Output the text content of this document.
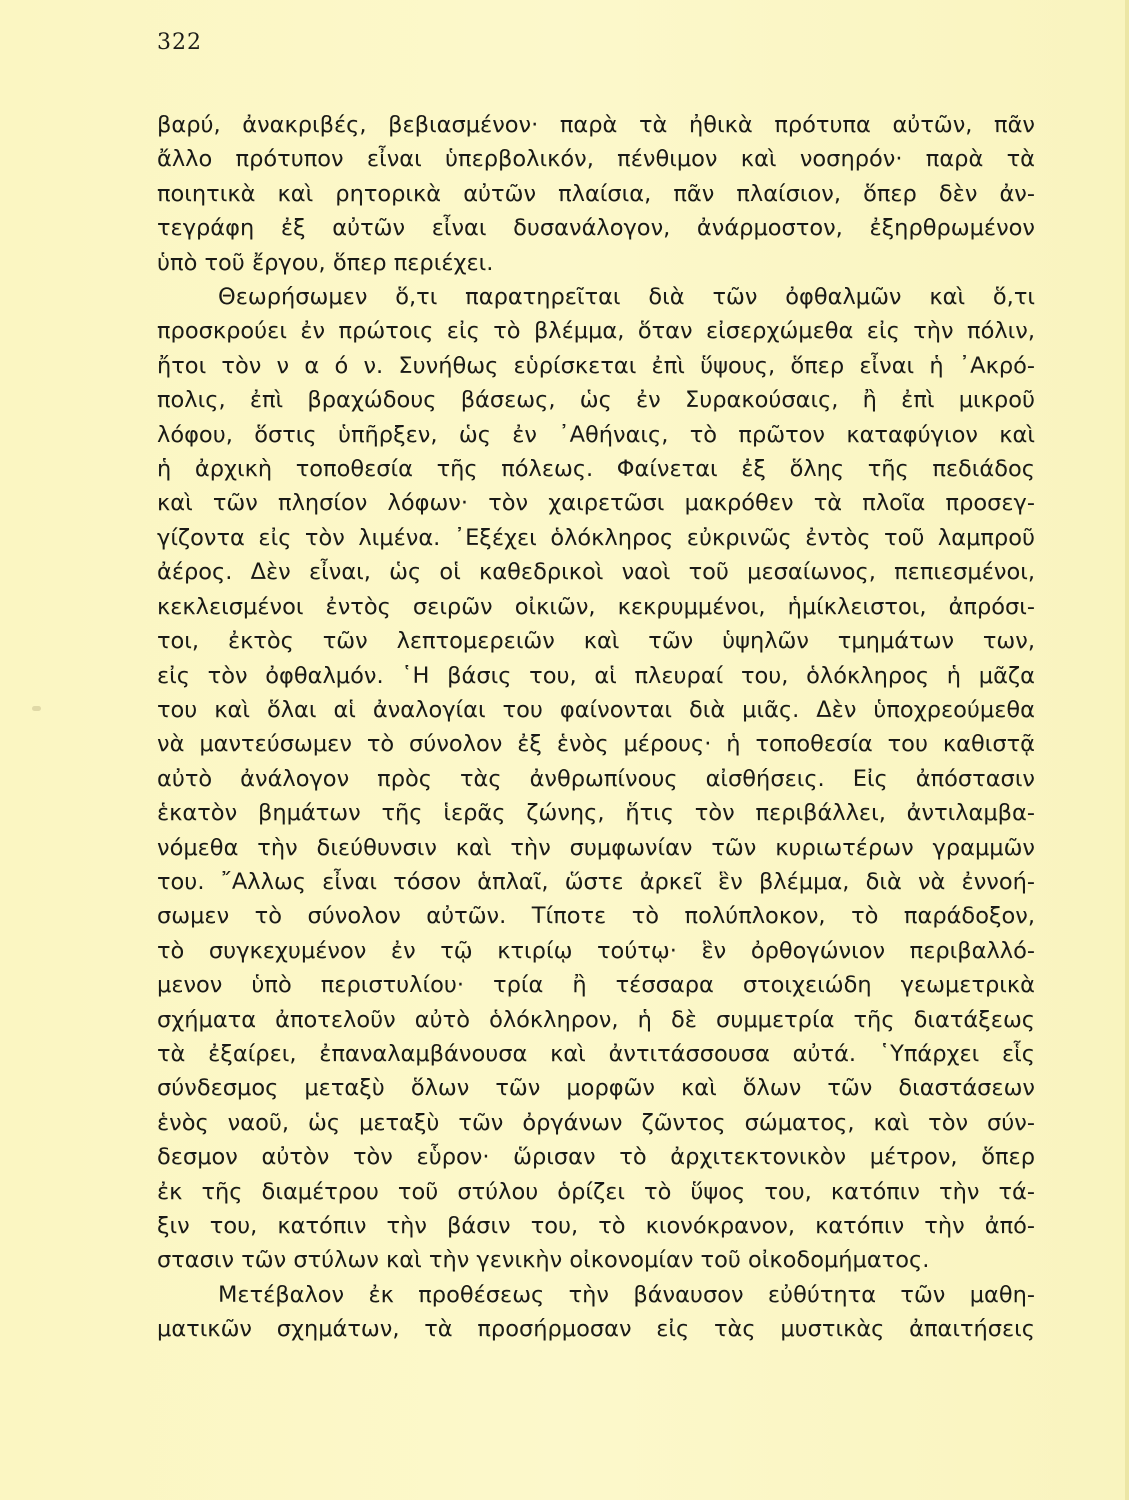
322
βαρύ, ἀνακριβές, βεβιασμένον· παρὰ τὰ ἠθικὰ πρότυπα αὐτῶν, πᾶν
ἄλλο πρότυπον εἶναι ὑπερβολικόν, πένθιμον καὶ νοσηρόν· παρὰ τὰ
ποιητικὰ καὶ ρητορικὰ αὐτῶν πλαίσια, πᾶν πλαίσιον, ὅπερ δὲν ἀν-
τεγράφη ἐξ αὐτῶν εἶναι δυσανάλογον, ἀνάρμοστον, ἐξηρθρωμένον
ὑπὸ τοῦ ἔργου, ὅπερ περιέχει.
Θεωρήσωμεν ὅ,τι παρατηρεῖται διὰ τῶν ὀφθαλμῶν καὶ ὅ,τι
προσκρούει ἐν πρώτοις εἰς τὸ βλέμμα, ὅταν εἰσερχώμεθα εἰς τὴν πόλιν,
ἤτοι τὸν ν α ό ν. Συνήθως εὑρίσκεται ἐπὶ ὕψους, ὅπερ εἶναι ἡ ᾿Ακρό-
πολις, ἐπὶ βραχώδους βάσεως, ὡς ἐν Συρακούσαις, ἢ ἐπὶ μικροῦ
λόφου, ὅστις ὑπῆρξεν, ὡς ἐν ᾿Αθήναις, τὸ πρῶτον καταφύγιον καὶ
ἡ ἀρχικὴ τοποθεσία τῆς πόλεως. Φαίνεται ἐξ ὅλης τῆς πεδιάδος
καὶ τῶν πλησίον λόφων· τὸν χαιρετῶσι μακρόθεν τὰ πλοῖα προσεγ-
γίζοντα εἰς τὸν λιμένα. ᾿Εξέχει ὁλόκληρος εὐκρινῶς ἐντὸς τοῦ λαμπροῦ
ἀέρος. Δὲν εἶναι, ὡς οἱ καθεδρικοὶ ναοὶ τοῦ μεσαίωνος, πεπιεσμένοι,
κεκλεισμένοι ἐντὸς σειρῶν οἰκιῶν, κεκρυμμένοι, ἡμίκλειστοι, ἀπρόσι-
τοι, ἐκτὸς τῶν λεπτομερειῶν καὶ τῶν ὑψηλῶν τμημάτων των,
εἰς τὸν ὀφθαλμόν. ῾Η βάσις του, αἱ πλευραί του, ὁλόκληρος ἡ μᾶζα
του καὶ ὅλαι αἱ ἀναλογίαι του φαίνονται διὰ μιᾶς. Δὲν ὑποχρεούμεθα
νὰ μαντεύσωμεν τὸ σύνολον ἐξ ἑνὸς μέρους· ἡ τοποθεσία του καθιστᾷ
αὐτὸ ἀνάλογον πρὸς τὰς ἀνθρωπίνους αἰσθήσεις. Εἰς ἀπόστασιν
ἑκατὸν βημάτων τῆς ἱερᾶς ζώνης, ἥτις τὸν περιβάλλει, ἀντιλαμβα-
νόμεθα τὴν διεύθυνσιν καὶ τὴν συμφωνίαν τῶν κυριωτέρων γραμμῶν
του. ῎Αλλως εἶναι τόσον ἁπλαῖ, ὥστε ἀρκεῖ ἓν βλέμμα, διὰ νὰ ἐννοή-
σωμεν τὸ σύνολον αὐτῶν. Τίποτε τὸ πολύπλοκον, τὸ παράδοξον,
τὸ συγκεχυμένον ἐν τῷ κτιρίῳ τούτῳ· ἓν ὀρθογώνιον περιβαλλό-
μενον ὑπὸ περιστυλίου· τρία ἢ τέσσαρα στοιχειώδη γεωμετρικὰ
σχήματα ἀποτελοῦν αὐτὸ ὁλόκληρον, ἡ δὲ συμμετρία τῆς διατάξεως
τὰ ἐξαίρει, ἐπαναλαμβάνουσα καὶ ἀντιτάσσουσα αὐτά. ῾Υπάρχει εἷς
σύνδεσμος μεταξὺ ὅλων τῶν μορφῶν καὶ ὅλων τῶν διαστάσεων
ἑνὸς ναοῦ, ὡς μεταξὺ τῶν ὀργάνων ζῶντος σώματος, καὶ τὸν σύν-
δεσμον αὐτὸν τὸν εὗρον· ὥρισαν τὸ ἀρχιτεκτονικὸν μέτρον, ὅπερ
ἐκ τῆς διαμέτρου τοῦ στύλου ὁρίζει τὸ ὕψος του, κατόπιν τὴν τά-
ξιν του, κατόπιν τὴν βάσιν του, τὸ κιονόκρανον, κατόπιν τὴν ἀπό-
στασιν τῶν στύλων καὶ τὴν γενικὴν οἰκονομίαν τοῦ οἰκοδομήματος.
Μετέβαλον ἐκ προθέσεως τὴν βάναυσον εὐθύτητα τῶν μαθη-
ματικῶν σχημάτων, τὰ προσήρμοσαν εἰς τὰς μυστικὰς ἀπαιτήσεις
